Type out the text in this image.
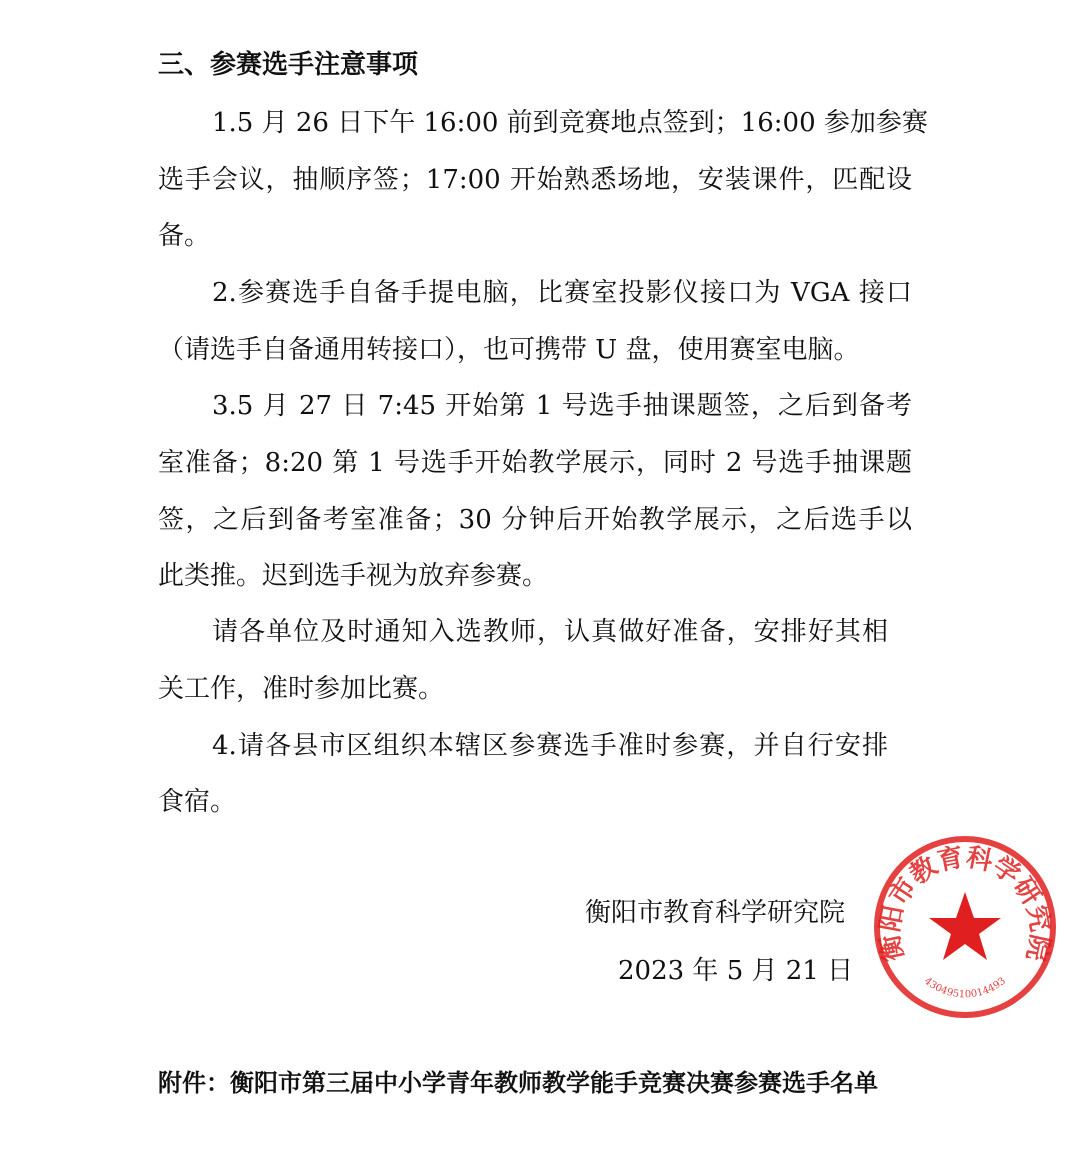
三、参赛选手注意事项
1.5 月 26 日下午 16:00 前到竞赛地点签到；16:00 参加参赛
选手会议，抽顺序签；17:00 开始熟悉场地，安装课件，匹配设
备。
2.参赛选手自备手提电脑，比赛室投影仪接口为 VGA 接口
（请选手自备通用转接口），也可携带 U 盘，使用赛室电脑。
3.5 月 27 日 7:45 开始第 1 号选手抽课题签，之后到备考
室准备；8:20 第 1 号选手开始教学展示，同时 2 号选手抽课题
签，之后到备考室准备；30 分钟后开始教学展示，之后选手以
此类推。迟到选手视为放弃参赛。
请各单位及时通知入选教师，认真做好准备，安排好其相
关工作，准时参加比赛。
4.请各县市区组织本辖区参赛选手准时参赛，并自行安排
食宿。
衡阳市教育科学研究院
430495100144​93
衡阳市教育科学研究院
2023 年 5 月 21 日
附件：衡阳市第三届中小学青年教师教学能手竞赛决赛参赛选手名单
